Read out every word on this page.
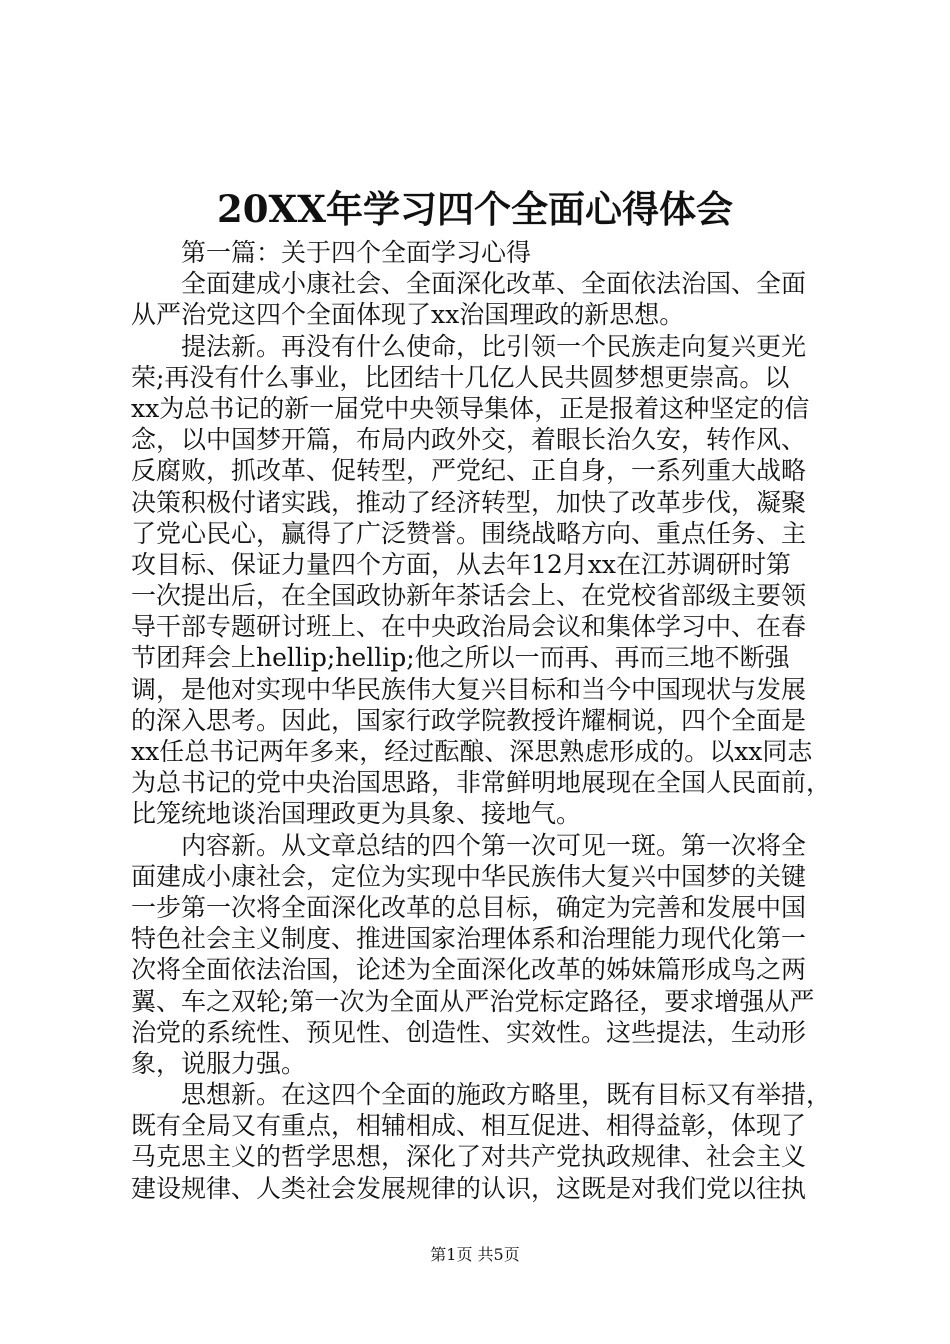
20XX年学习四个全面心得体会
第一篇：关于四个全面学习心得
全面建成小康社会、全面深化改革、全面依法治国、全面
从严治党这四个全面体现了xx治国理政的新思想。
提法新。再没有什么使命，比引领一个民族走向复兴更光
荣;再没有什么事业，比团结十几亿人民共圆梦想更崇高。以
xx为总书记的新一届党中央领导集体，正是报着这种坚定的信
念，以中国梦开篇，布局内政外交，着眼长治久安，转作风、
反腐败，抓改革、促转型，严党纪、正自身，一系列重大战略
决策积极付诸实践，推动了经济转型，加快了改革步伐，凝聚
了党心民心，赢得了广泛赞誉。围绕战略方向、重点任务、主
攻目标、保证力量四个方面，从去年12月xx在江苏调研时第
一次提出后，在全国政协新年茶话会上、在党校省部级主要领
导干部专题研讨班上、在中央政治局会议和集体学习中、在春
节团拜会上hellip;hellip;他之所以一而再、再而三地不断强
调，是他对实现中华民族伟大复兴目标和当今中国现状与发展
的深入思考。因此，国家行政学院教授许耀桐说，四个全面是
xx任总书记两年多来，经过酝酿、深思熟虑形成的。以xx同志
为总书记的党中央治国思路，非常鲜明地展现在全国人民面前，
比笼统地谈治国理政更为具象、接地气。
内容新。从文章总结的四个第一次可见一斑。第一次将全
面建成小康社会，定位为实现中华民族伟大复兴中国梦的关键
一步第一次将全面深化改革的总目标，确定为完善和发展中国
特色社会主义制度、推进国家治理体系和治理能力现代化第一
次将全面依法治国，论述为全面深化改革的姊妹篇形成鸟之两
翼、车之双轮;第一次为全面从严治党标定路径，要求增强从严
治党的系统性、预见性、创造性、实效性。这些提法，生动形
象，说服力强。
思想新。在这四个全面的施政方略里，既有目标又有举措，
既有全局又有重点，相辅相成、相互促进、相得益彰，体现了
马克思主义的哲学思想，深化了对共产党执政规律、社会主义
建设规律、人类社会发展规律的认识，这既是对我们党以往执
第1页 共5页
